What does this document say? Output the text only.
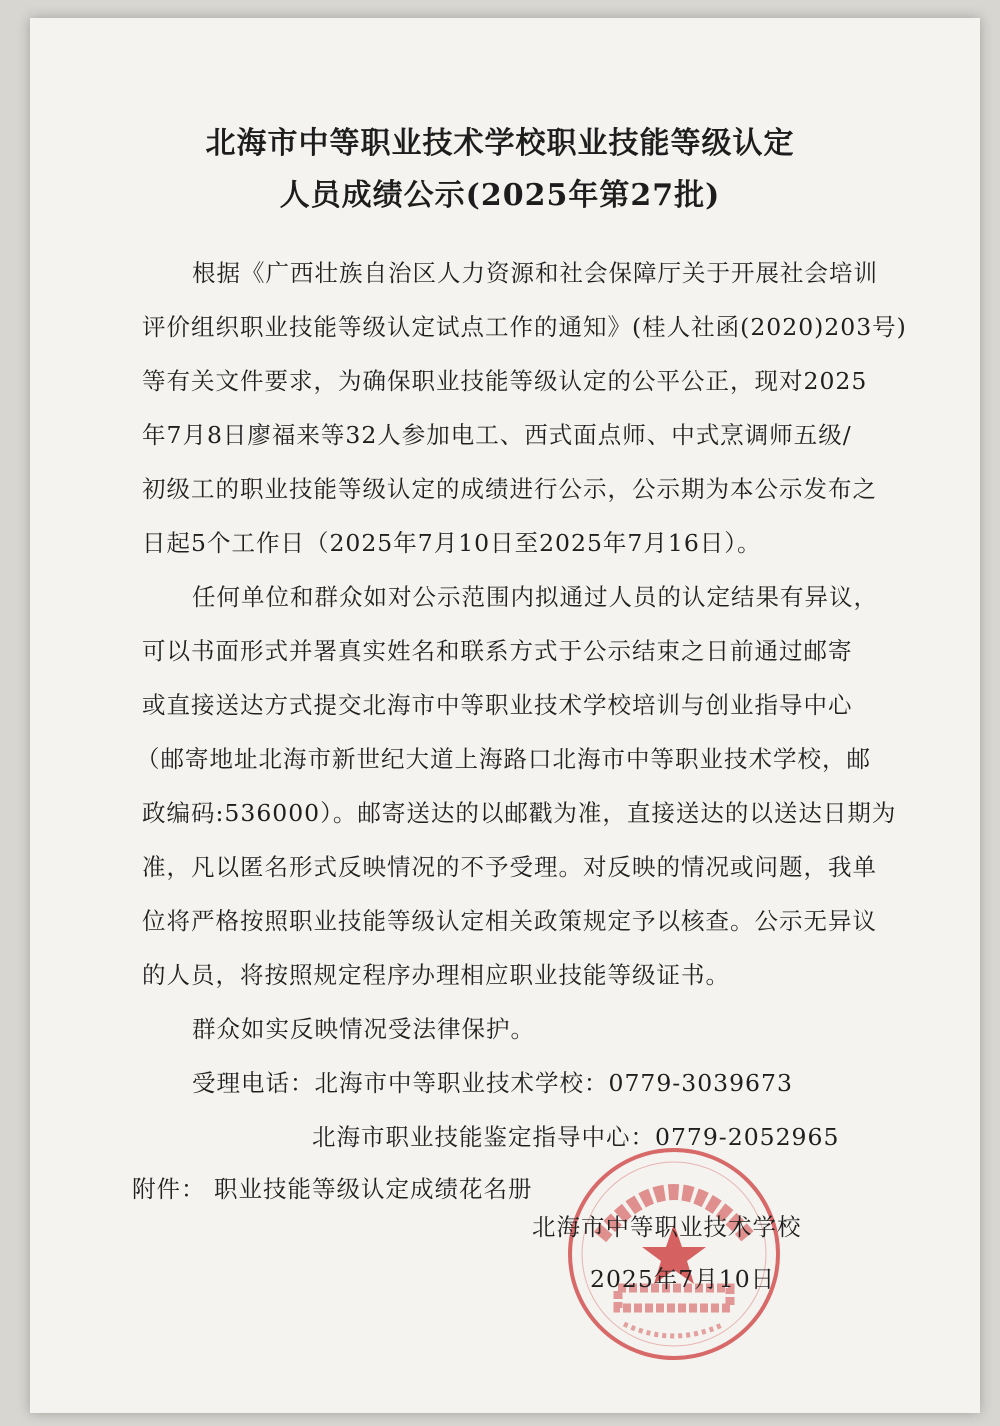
北海市中等职业技术学校职业技能等级认定
人员成绩公示(2025年第27批)
根据《广西壮族自治区人力资源和社会保障厅关于开展社会培训
评价组织职业技能等级认定试点工作的通知》(桂人社函(2020)203号)
等有关文件要求，为确保职业技能等级认定的公平公正，现对2025
年7月8日廖福来等32人参加电工、西式面点师、中式烹调师五级/
初级工的职业技能等级认定的成绩进行公示，公示期为本公示发布之
日起5个工作日（2025年7月10日至2025年7月16日）。
任何单位和群众如对公示范围内拟通过人员的认定结果有异议，
可以书面形式并署真实姓名和联系方式于公示结束之日前通过邮寄
或直接送达方式提交北海市中等职业技术学校培训与创业指导中心
（邮寄地址北海市新世纪大道上海路口北海市中等职业技术学校，邮
政编码:536000）。邮寄送达的以邮戳为准，直接送达的以送达日期为
准，凡以匿名形式反映情况的不予受理。对反映的情况或问题，我单
位将严格按照职业技能等级认定相关政策规定予以核查。公示无异议
的人员，将按照规定程序办理相应职业技能等级证书。
群众如实反映情况受法律保护。
受理电话：北海市中等职业技术学校：0779-3039673
北海市职业技能鉴定指导中心：0779-2052965
附件： 职业技能等级认定成绩花名册
北海市中等职业技术学校
2025年7月10日
